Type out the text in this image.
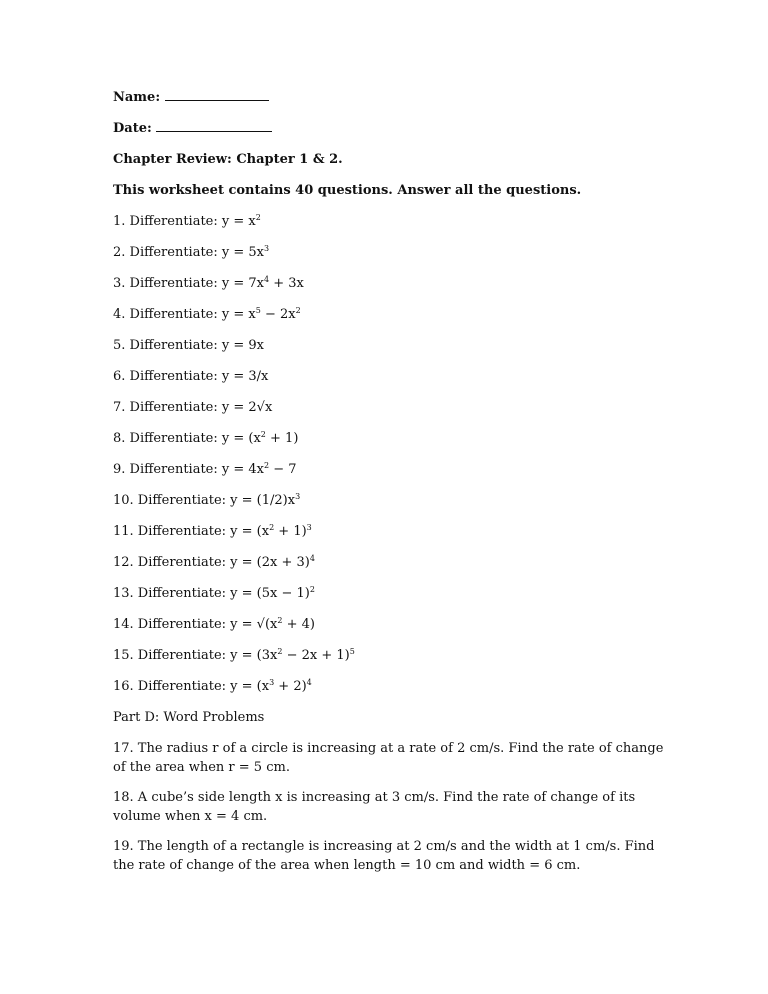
Name:
Date:
Chapter Review: Chapter 1 & 2.
This worksheet contains 40 questions. Answer all the questions.
1. Differentiate: $y = x^2$
2. Differentiate: $y = 5x^3$
3. Differentiate: $y = 7x^4 + 3x$
4. Differentiate: $y = x^5 - 2x^2$
5. Differentiate: y = 9x
6. Differentiate: y = 3/x
7. Differentiate: y = 2√x
8. Differentiate: $y = (x^2 + 1)$
9. Differentiate: $y = 4x^2 - 7$
10. Differentiate: $y = (1/2)x^3$
11. Differentiate: $y = (x^2 + 1)^3$
12. Differentiate: $y = (2x + 3)^4$
13. Differentiate: $y = (5x - 1)^2$
14. Differentiate: $y = √(x^2 + 4)$
15. Differentiate: $y = (3x^2 - 2x + 1)^5$
16. Differentiate: $y = (x^3 + 2)^4$
Part D: Word Problems
17. The radius r of a circle is increasing at a rate of 2 cm/s. Find the rate of change of the area when r = 5 cm.
18. A cube’s side length x is increasing at 3 cm/s. Find the rate of change of its volume when x = 4 cm.
19. The length of a rectangle is increasing at 2 cm/s and the width at 1 cm/s. Find the rate of change of the area when length = 10 cm and width = 6 cm.
